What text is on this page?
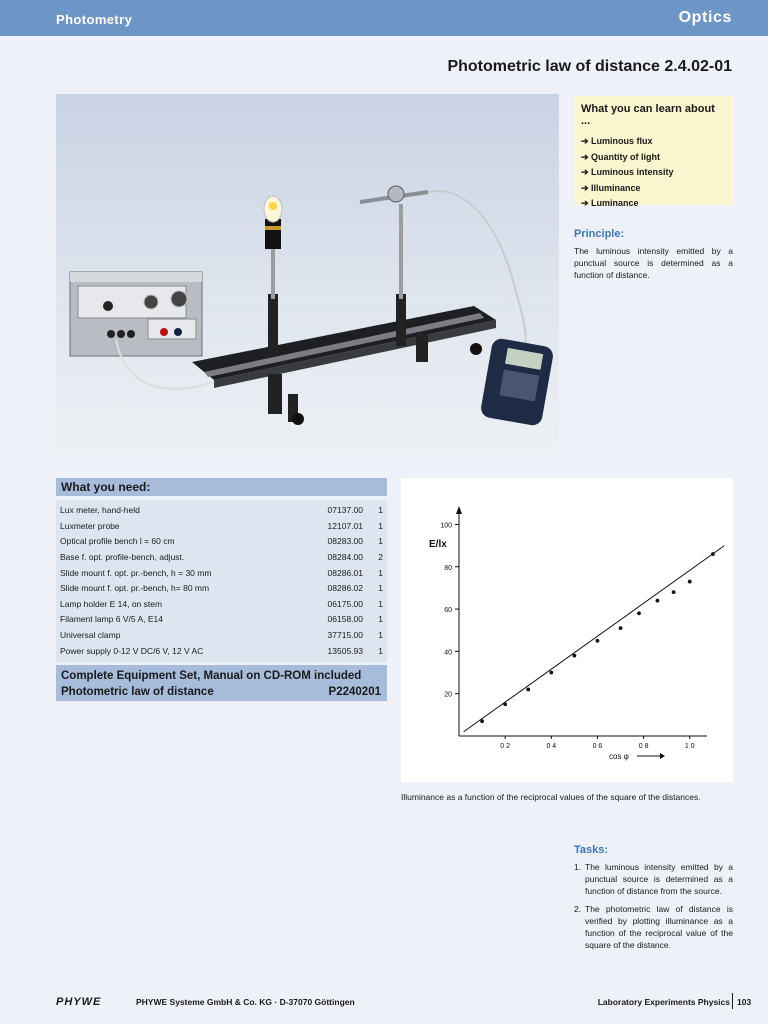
Photometry	Optics
Photometric law of distance 2.4.02-01
What you can learn about ...
➔ Luminous flux
➔ Quantity of light
➔ Luminous intensity
➔ Illuminance
➔ Luminance
Principle:
The luminous intensity emitted by a punctual source is determined as a function of distance.
What you need:
Lux meter, hand-held	07137.00 1
Luxmeter probe	12107.01 1
Optical profile bench l = 60 cm	08283.00 1
Base f. opt. profile-bench, adjust.	08284.00 2
Slide mount f. opt. pr.-bench, h = 30 mm	08286.01 1
Slide mount f. opt. pr.-bench, h= 80 mm	08286.02 1
Lamp holder E 14, on stem	06175.00 1
Filament lamp 6 V/5 A, E14	06158.00 1
Universal clamp	37715.00 1
Power supply 0-12 V DC/6 V, 12 V AC	13505.93 1
Complete Equipment Set, Manual on CD-ROM included
Photometric law of distance	P2240201
E/lx
cos φ
20
40
60
80
100
0 2	0 4	0 6	0 8	1 0
Illuminance as a function of the reciprocal values of the square of the distances.
Tasks:
1. The luminous intensity emitted by a punctual source is determined as a function of distance from the source.
2. The photometric law of distance is verified by plotting illuminance as a function of the reciprocal value of the square of the distance.
PHYWE	PHYWE Systeme GmbH & Co. KG · D-37070 Göttingen	Laboratory Experiments Physics 103
